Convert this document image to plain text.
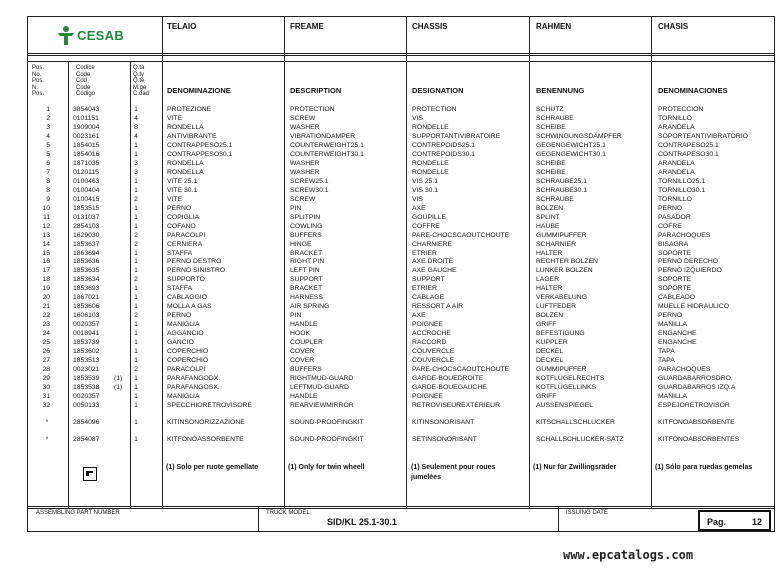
CESAB
TELAIO	FREAME	CHASSIS	RAHMEN	CHASIS
Pos.
No.
Pos.
N.
Pos.
Codice
Code
Cod
Code
Código
Q.tà
Q.ty
Q.té
M.ge
C.dad DENOMINAZIONE	DESCRIPTION	DESIGNATION	BENENNUNG	DENOMINACIONES
1	3854043	1	PROTEZIONE	PROTECTION	PROTECTION	SCHUTZ	PROTECCION
2	0101151	4	VITE	SCREW	VIS	SCHRAUBE	TORNILLO
3	1909004	8	RONDELLA	WASHER	RONDELLE	SCHEIBE	ARANDELA
4	0023161	4	ANTIVIBRANTE	VIBRATIONDAMPER	SUPPORTANTIVIBRATOIRE	SCHWINGUNGSDÄMPFER	SOPORTEANTIVIBRATORIO
5	1854015	1	CONTRAPPESO25.1	COUNTERWEIGHT25.1	CONTREPOIDS25.1	GEGENGEWICHT25.1	CONTRAPESO25.1
5	1854016	1	CONTRAPPESO30.1	COUNTERWEIGHT30.1	CONTREPOIDS30.1	GEGENGEWICHT30.1	CONTRAPESO30.1
6	1871035	3	RONDELLA	WASHER	RONDELLE	SCHEIBE	ARANDELA
7	0120115	3	RONDELLA	WASHER	RONDELLE	SCHEIBE	ARANDELA
8	0100463	1	VITE 25.1	SCREW25.1	VIS 25.1	SCHRAUBE25.1	TORNILLO25.1
8	0100404	1	VITE 30.1	SCREW30.1	VIS 30.1	SCHRAUBE30.1	TORNILLO30.1
9	0100415	2	VITE	SCREW	VIS	SCHRAUBE	TORNILLO
10	1853515	1	PERNO	PIN	AXE	BOLZEN	PERNO
11	0131037	1	COPIGLIA	SPLITPIN	GOUPILLE	SPLINT	PASADOR
12	2854103	1	COFANO	COWLING	COFFRE	HAUBE	COFRE
13	1629030	2	PARACOLPI	BUFFERS	PARE-CHOCSCAOUTCHOUTE	GUMMIPUFFER	PARACHOQUES
14	1853637	2	CERNIERA	HINGE	CHARNIERE	SCHARNIER	BISAGRA
15	1863694	1	STAFFA	BRACKET	ETRIER	HALTER	SOPORTE
16	1853636	1	PERNO DESTRO	RIGHT PIN	AXE DROITE	RECHTER BOLZEN	PERNO DERECHO
17	1853635	1	PERNO SINISTRO	LEFT PIN	AXE GAUCHE	LUNKER BOLZEN	PERNO IZQUIERDO
18	1853634	2	SUPPORTO	SUPPORT	SUPPORT	LAGER	SOPORTE
19	1853693	1	STAFFA	BRACKET	ETRIER	HALTER	SOPORTE
20	1867021	1	CABLAGGIO	HARNESS	CABLAGE	VERKABELUNG	CABLEADO
21	1853606	1	MOLLA A GAS	AIR SPRING	RESSORT A AIR	LUFTFEDER	MUELLE HIDRAULICO
22	1606103	2	PERNO	PIN	AXE	BOLZEN	PERNO
23	0020357	1	MANIGLIA	HANDLE	POIGNEE	GRIFF	MANILLA
24	0018941	1	AGGANCIO	HOOK	ACCROCHE	BEFESTIGUNG	ENGANCHE
25	1853739	1	GANCIO	COUPLER	RACCORD	KUPPLER	ENGANCHE
26	1853602	1	COPERCHIO	COVER	COUVERCLE	DECKEL	TAPA
27	1853513	1	COPERCHIO	COVER	COUVERCLE	DECKEL	TAPA
28	0023021	2	PARACOLPI	BUFFERS	PARE-CHOCSCAOUTCHOUTE	GUMMIPUFFER	PARACHOQUES
29	1853539 (1)	1	PARAFANGODX.	RIGHTMUD-GUARD	GARDE-BOUEDROITE	KOTFLÜGELRECHTS	GUARDABARROSDRO.
30	1853538 (1)	1	PARAFANGOSX.	LEFTMUD-GUARD	GARDE-BOUEGAUCHE	KOTFLÜGELLINKS	GUARDABARROS IZQ.A
31	0020357	1	MANIGLIA	HANDLE	POIGNEE	GRIFF	MANILLA
32	0050133	1	SPECCHIORETROVISORE	REARVIEWMIRROR	RETROVISEUREXTERIEUR	AUSSENSPIEGEL	ESPEJORETROVISOR
*	2854096	1	KITINSONORIZZAZIONE	SOUND-PROOFINGKIT	KITINSONORISANT	KITSCHALLSCHLUCKER	KITFONOABSORBENTE
*	2854087	1	KITFONOASSORBENTE	SOUND-PROOFINGKIT	SETINSONORISANT	SCHALLSCHLUCKER-SATZ	KITFONOABSORBENTES
(1) Solo per ruote gemellate	(1) Only for twin wheell	(1) Seulement pour roues jumelées
(1) Nur für Zwillingsräder	(1) Sólo para ruedas gemelas
ASSEMBLING PART NUMBER	TRUCK MODEL
SID/KL 25.1-30.1
ISSUING DATE
Pag.	12
www.epcatalogs.com
